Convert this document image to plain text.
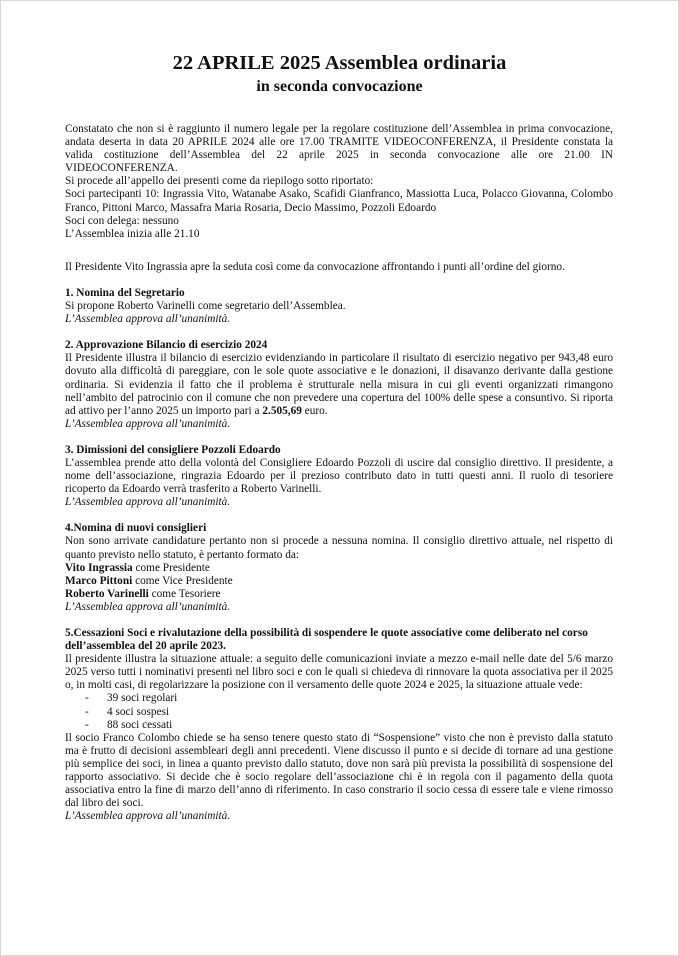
22 APRILE 2025 Assemblea ordinaria
in seconda convocazione

Constatato che non si è raggiunto il numero legale per la regolare costituzione dell’Assemblea in prima convocazione, andata deserta in data 20 APRILE 2024 alle ore 17.00 TRAMITE VIDEOCONFERENZA, il Presidente constata la valida costituzione dell’Assemblea del 22 aprile 2025 in seconda convocazione alle ore 21.00 IN VIDEOCONFERENZA.

Si procede all’appello dei presenti come da riepilogo sotto riportato:

Soci partecipanti 10: Ingrassia Vito, Watanabe Asako, Scafidi Gianfranco, Massiotta Luca, Polacco Giovanna, Colombo Franco, Pittoni Marco, Massafra Maria Rosaria, Decio Massimo, Pozzoli Edoardo

Soci con delega: nessuno

L’Assemblea inizia alle 21.10

Il Presidente Vito Ingrassia apre la seduta così come da convocazione affrontando i punti all’ordine del giorno.

1. Nomina del Segretario

Si propone Roberto Varinelli come segretario dell’Assemblea.

L’Assemblea approva all’unanimità.

2. Approvazione Bilancio di esercizio 2024

Il Presidente illustra il bilancio di esercizio evidenziando in particolare il risultato di esercizio negativo per 943,48 euro dovuto alla difficoltà di pareggiare, con le sole quote associative e le donazioni, il disavanzo derivante dalla gestione ordinaria. Si evidenzia il fatto che il problema è strutturale nella misura in cui gli eventi organizzati rimangono nell’ambito del patrocinio con il comune che non prevedere una copertura del 100% delle spese a consuntivo. Si riporta ad attivo per l’anno 2025 un importo pari a 2.505,69 euro.

L’Assemblea approva all’unanimità.

3. Dimissioni del consigliere Pozzoli Edoardo

L’assemblea prende atto della volontà del Consigliere Edoardo Pozzoli di uscire dal consiglio direttivo. Il presidente, a nome dell’associazione, ringrazia Edoardo per il prezioso contributo dato in tutti questi anni. Il ruolo di tesoriere ricoperto da Edoardo verrà trasferito a Roberto Varinelli.

L’Assemblea approva all’unanimità.

4.Nomina di nuovi consiglieri

Non sono arrivate candidature pertanto non si procede a nessuna nomina. Il consiglio direttivo attuale, nel rispetto di quanto previsto nello statuto, è pertanto formato da:

Vito Ingrassia come Presidente

Marco Pittoni come Vice Presidente

Roberto Varinelli come Tesoriere

L’Assemblea approva all’unanimità.

5.Cessazioni Soci e rivalutazione della possibilità di sospendere le quote associative come deliberato nel corso dell’assemblea del 20 aprile 2023.

Il presidente illustra la situazione attuale: a seguito delle comunicazioni inviate a mezzo e-mail nelle date del 5/6 marzo 2025 verso tutti i nominativi presenti nel libro soci e con le quali si chiedeva di rinnovare la quota associativa per il 2025 o, in molti casi, di regolarizzare la posizione con il versamento delle quote 2024 e 2025, la situazione attuale vede:

- 39 soci regolari
- 4 soci sospesi
- 88 soci cessati

Il socio Franco Colombo chiede se ha senso tenere questo stato di “Sospensione” visto che non è previsto dalla statuto ma è frutto di decisioni assembleari degli anni precedenti. Viene discusso il punto e si decide di tornare ad una gestione più semplice dei soci, in linea a quanto previsto dallo statuto, dove non sarà più prevista la possibilità di sospensione del rapporto associativo. Si decide che è socio regolare dell’associazione chi è in regola con il pagamento della quota associativa entro la fine di marzo dell’anno di riferimento. In caso constrario il socio cessa di essere tale e viene rimosso dal libro dei soci.

L’Assemblea approva all’unanimità.
